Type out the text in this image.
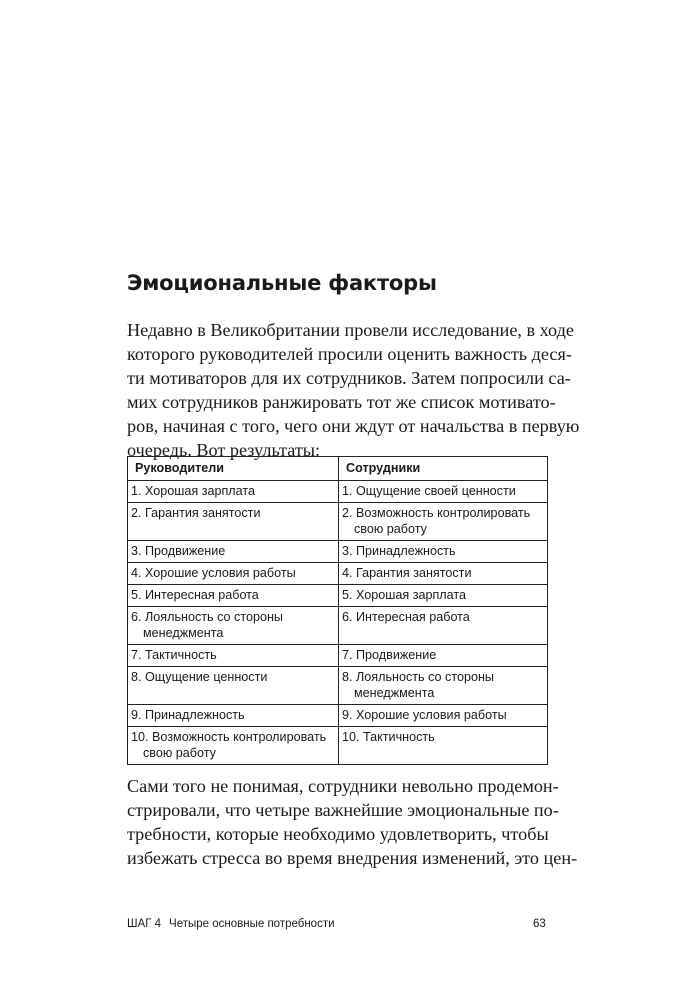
Эмоциональные факторы

Недавно в Великобритании провели исследование, в ходе
которого руководителей просили оценить важность деся-
ти мотиваторов для их сотрудников. Затем попросили са-
мих сотрудников ранжировать тот же список мотивато-
ров, начиная с того, чего они ждут от начальства в первую
очередь. Вот результаты:

Руководители	Сотрудники

1. Хорошая зарплата	1. Ощущение своей ценности

2. Гарантия занятости	2. Возможность контролировать свою работу

3. Продвижение	3. Принадлежность

4. Хорошие условия работы	4. Гарантия занятости

5. Интересная работа	5. Хорошая зарплата

6. Лояльность со стороны менеджмента	6. Интересная работа

7. Тактичность	7. Продвижение

8. Ощущение ценности	8. Лояльность со стороны менеджмента

9. Принадлежность	9. Хорошие условия работы

10. Возможность контролировать свою работу	10. Тактичность

Сами того не понимая, сотрудники невольно продемон-
стрировали, что четыре важнейшие эмоциональные по-
требности, которые необходимо удовлетворить, чтобы
избежать стресса во время внедрения изменений, это цен-

ШАГ 4 Четыре основные потребности	63
